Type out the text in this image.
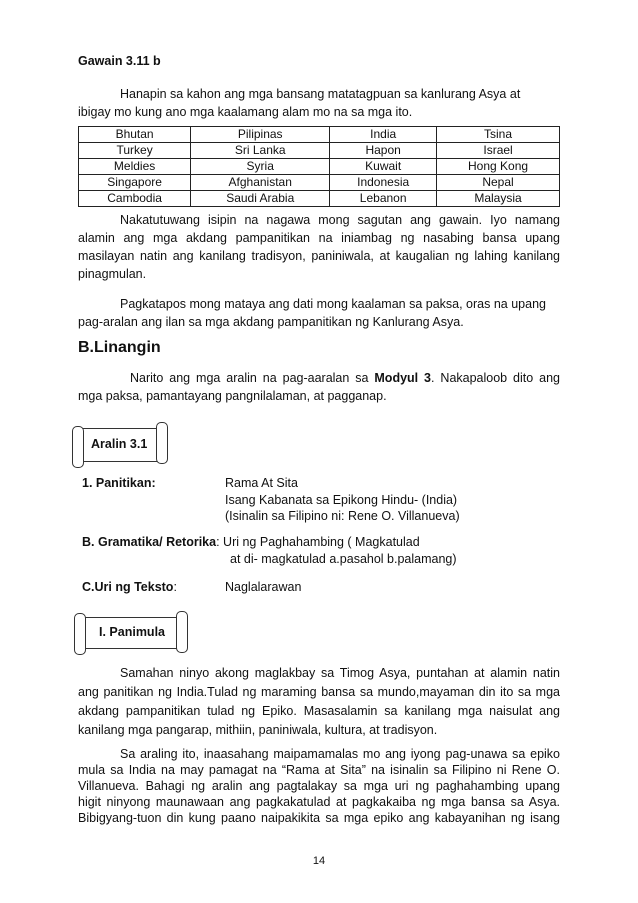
Gawain 3.11 b
Hanapin sa kahon ang mga bansang matatagpuan sa kanlurang Asya at
ibigay mo kung ano mga kaalamang alam mo na sa mga ito.
Bhutan	Pilipinas	India	Tsina
Turkey	Sri Lanka	Hapon	Israel
Meldies	Syria	Kuwait	Hong Kong
Singapore	Afghanistan	Indonesia	Nepal
Cambodia	Saudi Arabia	Lebanon	Malaysia
Nakatutuwang isipin na nagawa mong sagutan ang gawain. Iyo namang
alamin ang mga akdang pampanitikan na iniambag ng nasabing bansa upang
masilayan natin ang kanilang tradisyon, paniniwala, at kaugalian ng lahing kanilang
pinagmulan.
Pagkatapos mong mataya ang dati mong kaalaman sa paksa, oras na upang
pag-aralan ang ilan sa mga akdang pampanitikan ng Kanlurang Asya.
B.Linangin
Narito ang mga aralin na pag-aaralan sa Modyul 3. Nakapaloob dito ang
mga paksa, pamantayang pangnilalaman, at pagganap.
Aralin 3.1
1. Panitikan:	Rama At Sita
Isang Kabanata sa Epikong Hindu- (India)
(Isinalin sa Filipino ni: Rene O. Villanueva)
B. Gramatika/ Retorika: Uri ng Paghahambing ( Magkatulad
at di- magkatulad a.pasahol b.palamang)
C.Uri ng Teksto:	Naglalarawan
I. Panimula
Samahan ninyo akong maglakbay sa Timog Asya, puntahan at alamin natin
ang panitikan ng India.Tulad ng maraming bansa sa mundo,mayaman din ito sa mga
akdang pampanitikan tulad ng Epiko. Masasalamin sa kanilang mga naisulat ang
kanilang mga pangarap, mithiin, paniniwala, kultura, at tradisyon.
Sa araling ito, inaasahang maipamamalas mo ang iyong pag-unawa sa epiko
mula sa India na may pamagat na “Rama at Sita” na isinalin sa Filipino ni Rene O.
Villanueva. Bahagi ng aralin ang pagtalakay sa mga uri ng paghahambing upang
higit ninyong maunawaan ang pagkakatulad at pagkakaiba ng mga bansa sa Asya.
Bibigyang-tuon din kung paano naipakikita sa mga epiko ang kabayanihan ng isang
14
